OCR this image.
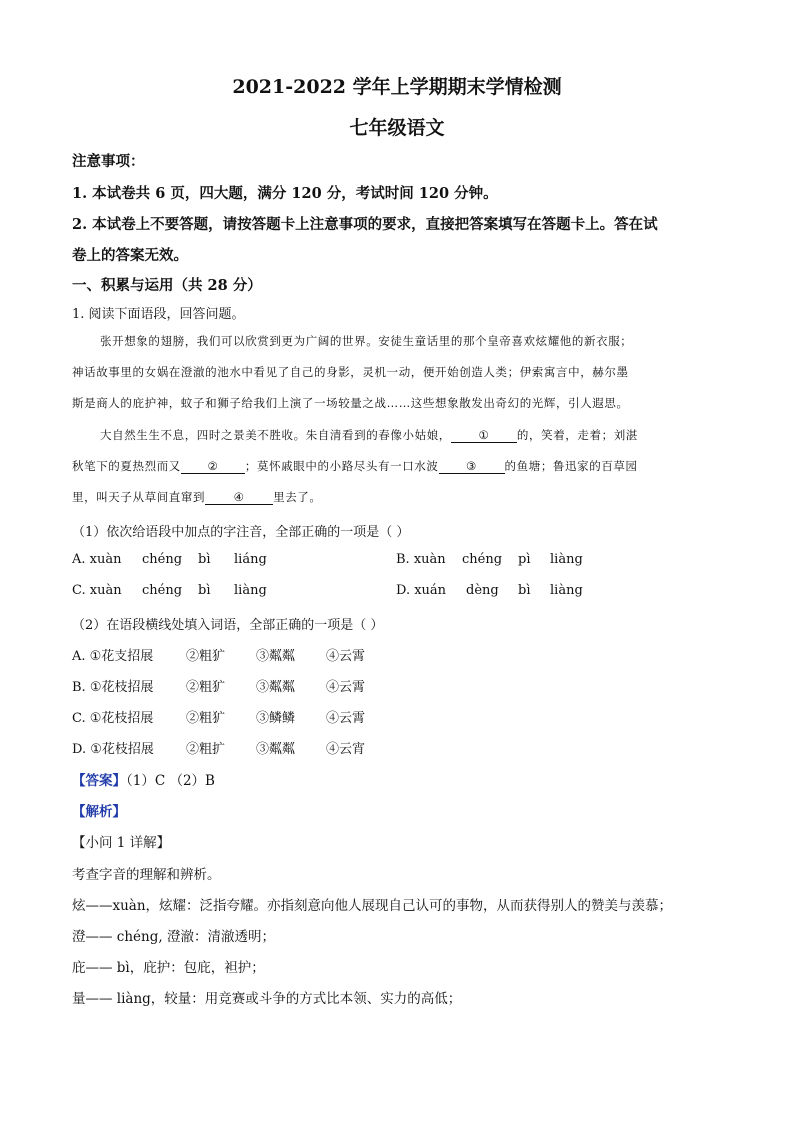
2021-2022 学年上学期期末学情检测
七年级语文
注意事项：
1. 本试卷共 6 页，四大题，满分 120 分，考试时间 120 分钟。
2. 本试卷上不要答题，请按答题卡上注意事项的要求，直接把答案填写在答题卡上。答在试
卷上的答案无效。
一、积累与运用（共 28 分）
1. 阅读下面语段，回答问题。
张开想象的翅膀，我们可以欣赏到更为广阔的世界。安徒生童话里的那个皇帝喜欢炫耀他的新衣服；
神话故事里的女娲在澄澈的池水中看见了自己的身影，灵机一动，便开始创造人类；伊索寓言中，赫尔墨
斯是商人的庇护神，蚊子和狮子给我们上演了一场较量之战……这些想象散发出奇幻的光辉，引人遐思。
大自然生生不息，四时之景美不胜收。朱自清看到的春像小姑娘， ① 的，笑着，走着；刘湛
秋笔下的夏热烈而又 ② ；莫怀戚眼中的小路尽头有一口水波 ③ 的鱼塘；鲁迅家的百草园
里，叫天子从草间直窜到 ④ 里去了。
（1）依次给语段中加点的字注音，全部正确的一项是（ ）
A. xuàn chéng bì liáng	B. xuàn chéng pì liàng
C. xuàn chéng bì liàng	D. xuán dèng bì liàng
（2）在语段横线处填入词语，全部正确的一项是（ ）
A. ①花支招展	②粗犷 ③粼粼 ④云霄
B. ①花枝招展	②粗犷 ③粼粼 ④云霄
C. ①花枝招展	②粗犷 ③鳞鳞 ④云霄
D. ①花枝招展 ②粗扩 ③粼粼 ④云宵
【答案】（1）C （2）B
【解析】
【小问 1 详解】
考查字音的理解和辨析。
炫——xuàn，炫耀：泛指夸耀。亦指刻意向他人展现自己认可的事物，从而获得别人的赞美与羡慕；
澄—— chéng, 澄澈：清澈透明；
庇—— bì，庇护：包庇，袒护；
量—— liàng，较量：用竞赛或斗争的方式比本领、实力的高低；
